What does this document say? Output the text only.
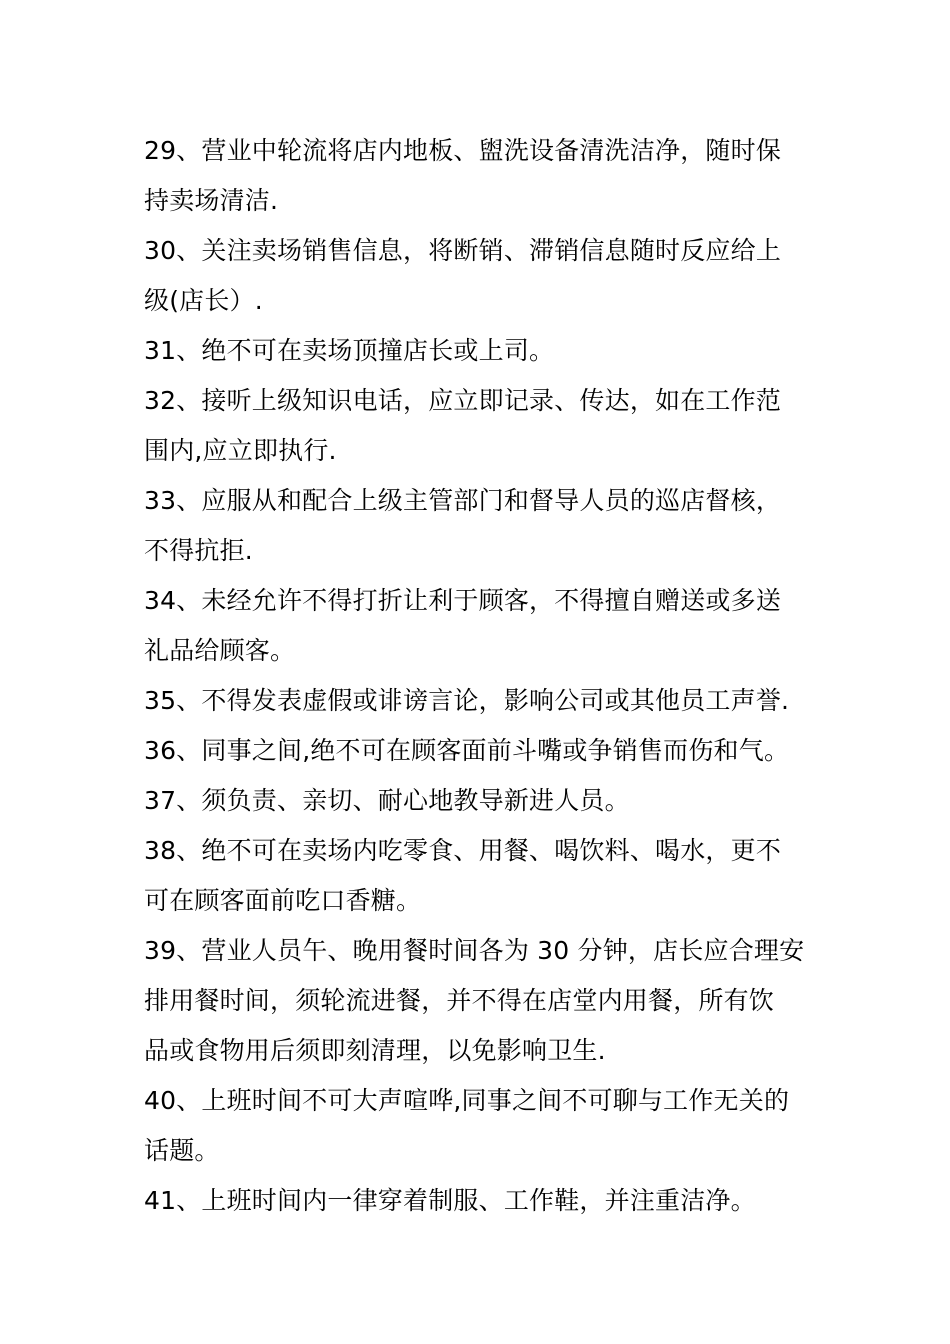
29、营业中轮流将店内地板、盥洗设备清洗洁净，随时保
持卖场清洁.
30、关注卖场销售信息，将断销、滞销信息随时反应给上
级(店长）.
31、绝不可在卖场顶撞店长或上司。
32、接听上级知识电话，应立即记录、传达，如在工作范
围内,应立即执行.
33、应服从和配合上级主管部门和督导人员的巡店督核，
不得抗拒.
34、未经允许不得打折让利于顾客，不得擅自赠送或多送
礼品给顾客。
35、不得发表虚假或诽谤言论，影响公司或其他员工声誉.
36、同事之间,绝不可在顾客面前斗嘴或争销售而伤和气。
37、须负责、亲切、耐心地教导新进人员。
38、绝不可在卖场内吃零食、用餐、喝饮料、喝水，更不
可在顾客面前吃口香糖。
39、营业人员午、晚用餐时间各为 30 分钟，店长应合理安
排用餐时间，须轮流进餐，并不得在店堂内用餐，所有饮
品或食物用后须即刻清理，以免影响卫生.
40、上班时间不可大声喧哗,同事之间不可聊与工作无关的
话题。
41、上班时间内一律穿着制服、工作鞋，并注重洁净。
